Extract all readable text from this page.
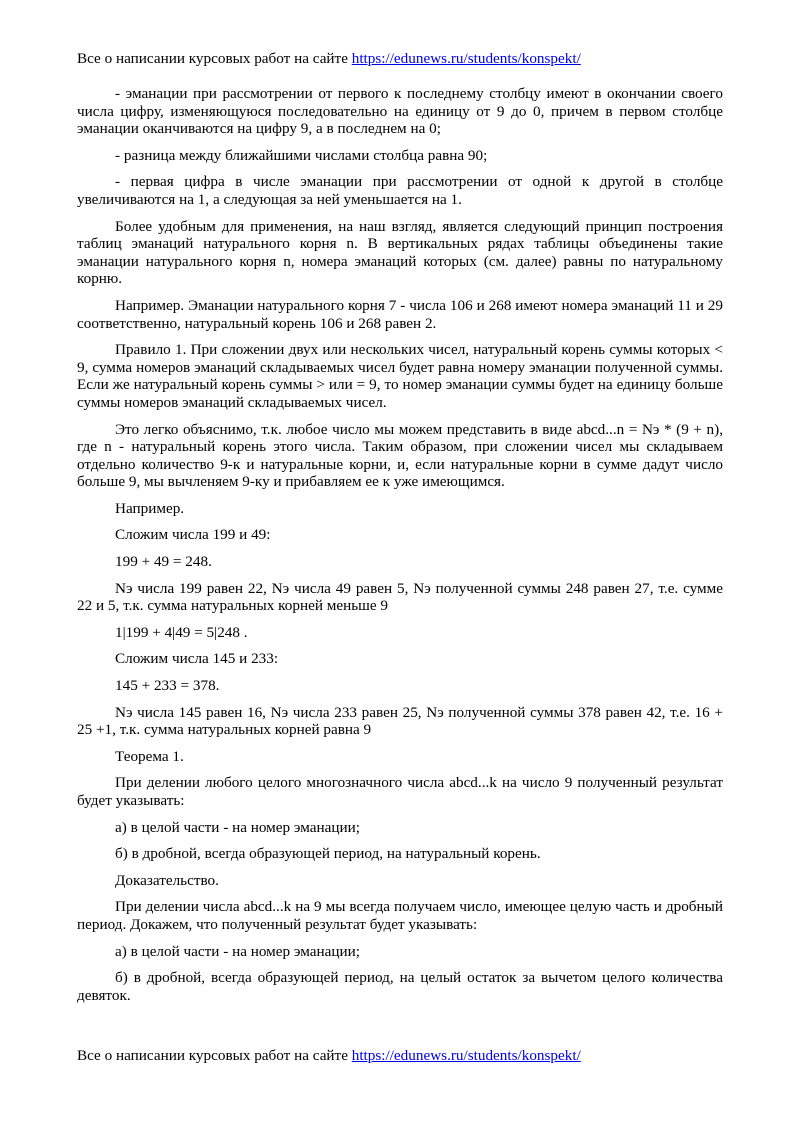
Все о написании курсовых работ на сайте https://edunews.ru/students/konspekt/

- эманации при рассмотрении от первого к последнему столбцу имеют в окончании своего числа цифру, изменяющуюся последовательно на единицу от 9 до 0, причем в первом столбце эманации оканчиваются на цифру 9, а в последнем на 0;

- разница между ближайшими числами столбца равна 90;

- первая цифра в числе эманации при рассмотрении от одной к другой в столбце увеличиваются на 1, а следующая за ней уменьшается на 1.

Более удобным для применения, на наш взгляд, является следующий принцип построения таблиц эманаций натурального корня n. В вертикальных рядах таблицы объединены такие эманации натурального корня n, номера эманаций которых (см. далее) равны по натуральному корню.

Например. Эманации натурального корня 7 - числа 106 и 268 имеют номера эманаций 11 и 29 соответственно, натуральный корень 106 и 268 равен 2.

Правило 1. При сложении двух или нескольких чисел, натуральный корень суммы которых < 9, сумма номеров эманаций складываемых чисел будет равна номеру эманации полученной суммы. Если же натуральный корень суммы > или = 9, то номер эманации суммы будет на единицу больше суммы номеров эманаций складываемых чисел.

Это легко объяснимо, т.к. любое число мы можем представить в виде abcd...n = Nэ * (9 + n), где n - натуральный корень этого числа. Таким образом, при сложении чисел мы складываем отдельно количество 9-к и натуральные корни, и, если натуральные корни в сумме дадут число больше 9, мы вычленяем 9-ку и прибавляем ее к уже имеющимся.

Например.

Сложим числа 199 и 49:

199 + 49 = 248.

Nэ числа 199 равен 22, Nэ числа 49 равен 5, Nэ полученной суммы 248 равен 27, т.е. сумме 22 и 5, т.к. сумма натуральных корней меньше 9

1|199 + 4|49 = 5|248 .

Сложим числа 145 и 233:

145 + 233 = 378.

Nэ числа 145 равен 16, Nэ числа 233 равен 25, Nэ полученной суммы 378 равен 42, т.е. 16 + 25 +1, т.к. сумма натуральных корней равна 9

Теорема 1.

При делении любого целого многозначного числа abcd...k на число 9 полученный результат будет указывать:

а) в целой части - на номер эманации;

б) в дробной, всегда образующей период, на натуральный корень.

Доказательство.

При делении числа abcd...k на 9 мы всегда получаем число, имеющее целую часть и дробный период. Докажем, что полученный результат будет указывать:

а) в целой части - на номер эманации;

б) в дробной, всегда образующей период, на целый остаток за вычетом целого количества девяток.

Все о написании курсовых работ на сайте https://edunews.ru/students/konspekt/
